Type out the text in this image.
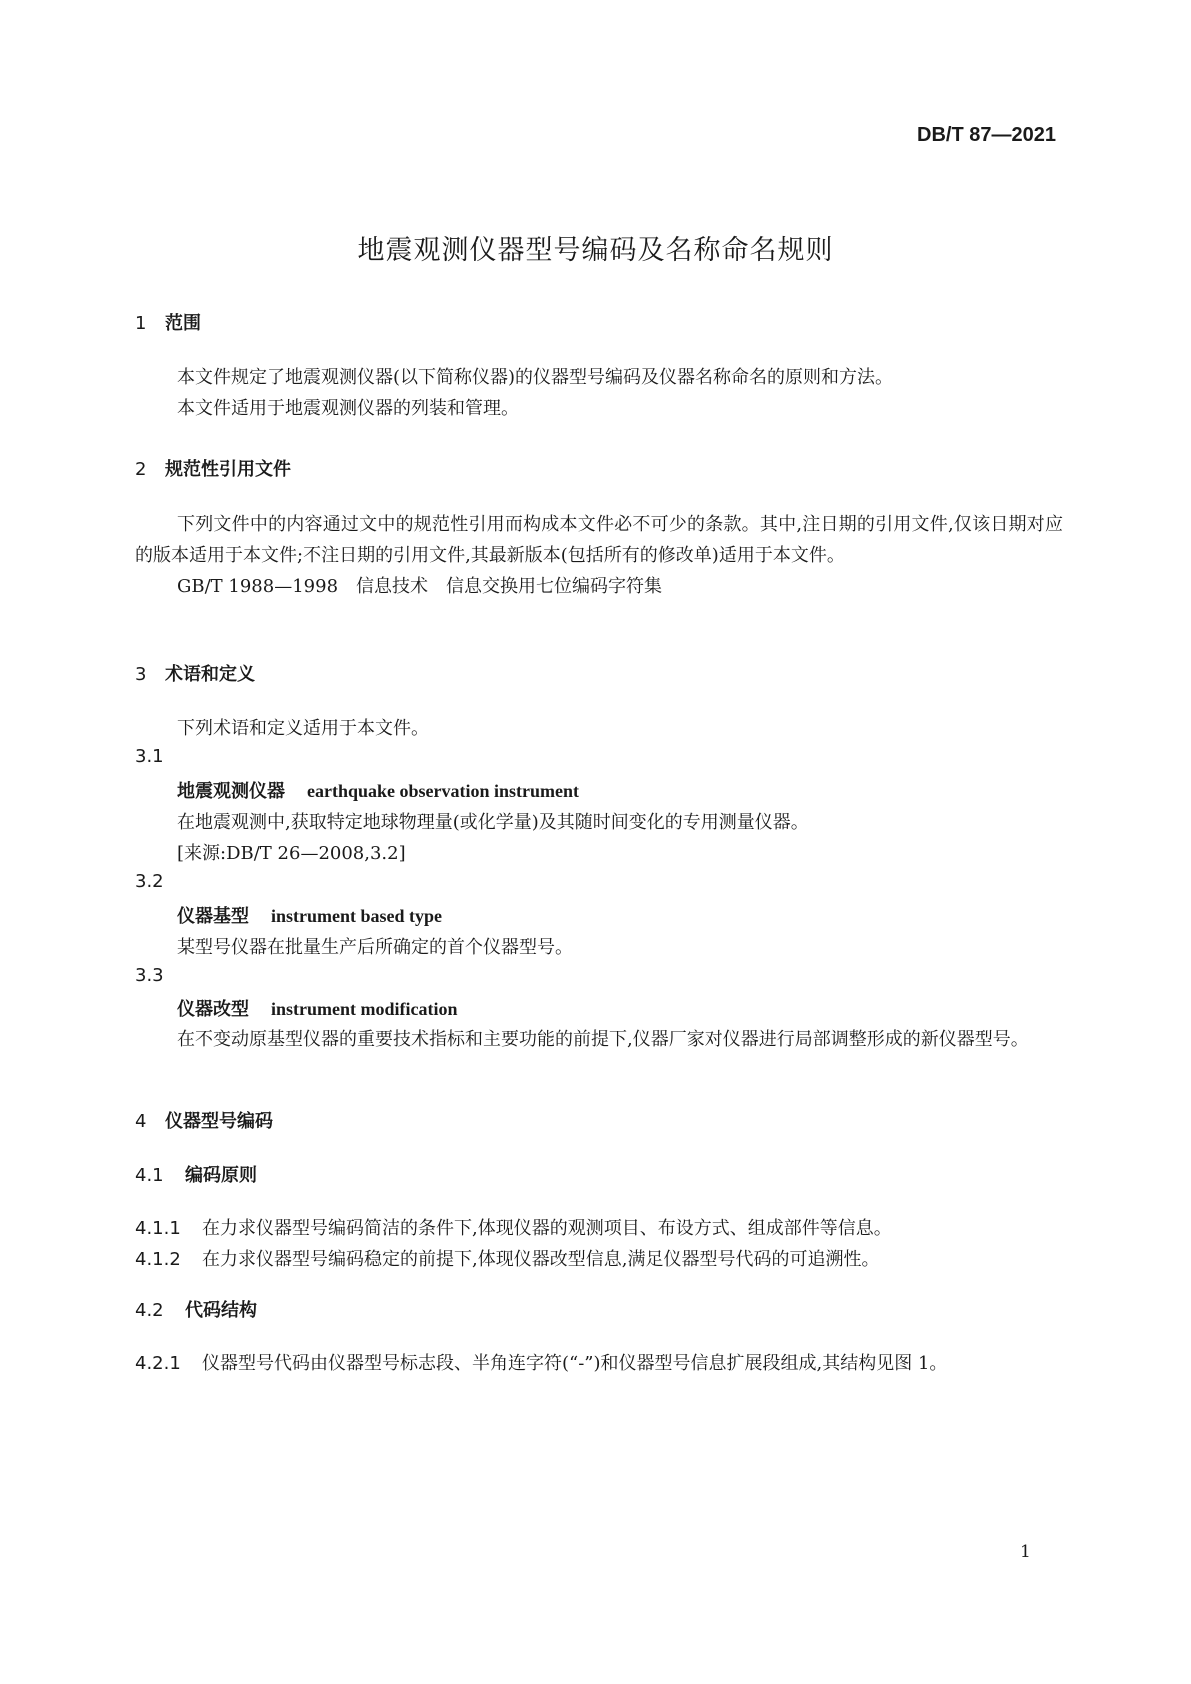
DB/T 87—2021
地震观测仪器型号编码及名称命名规则
1 范围

本文件规定了地震观测仪器(以下简称仪器)的仪器型号编码及仪器名称命名的原则和方法。

本文件适用于地震观测仪器的列装和管理。

2 规范性引用文件

下列文件中的内容通过文中的规范性引用而构成本文件必不可少的条款。其中,注日期的引用文件,仅该日期对应的版本适用于本文件;不注日期的引用文件,其最新版本(包括所有的修改单)适用于本文件。

GB/T 1988—1998　信息技术　信息交换用七位编码字符集

3 术语和定义
下列术语和定义适用于本文件。
3.1
地震观测仪器 earthquake observation instrument
在地震观测中,获取特定地球物理量(或化学量)及其随时间变化的专用测量仪器。
[来源:DB/T 26—2008,3.2]
3.2
仪器基型 instrument based type
某型号仪器在批量生产后所确定的首个仪器型号。
3.3
仪器改型 instrument modification

在不变动原基型仪器的重要技术指标和主要功能的前提下,仪器厂家对仪器进行局部调整形成的新仪器型号。

4 仪器型号编码
4.1 编码原则
4.1.1 在力求仪器型号编码简洁的条件下,体现仪器的观测项目、布设方式、组成部件等信息。
4.1.2 在力求仪器型号编码稳定的前提下,体现仪器改型信息,满足仪器型号代码的可追溯性。
4.2 代码结构
4.2.1 仪器型号代码由仪器型号标志段、半角连字符(“-”)和仪器型号信息扩展段组成,其结构见图 1。
1
